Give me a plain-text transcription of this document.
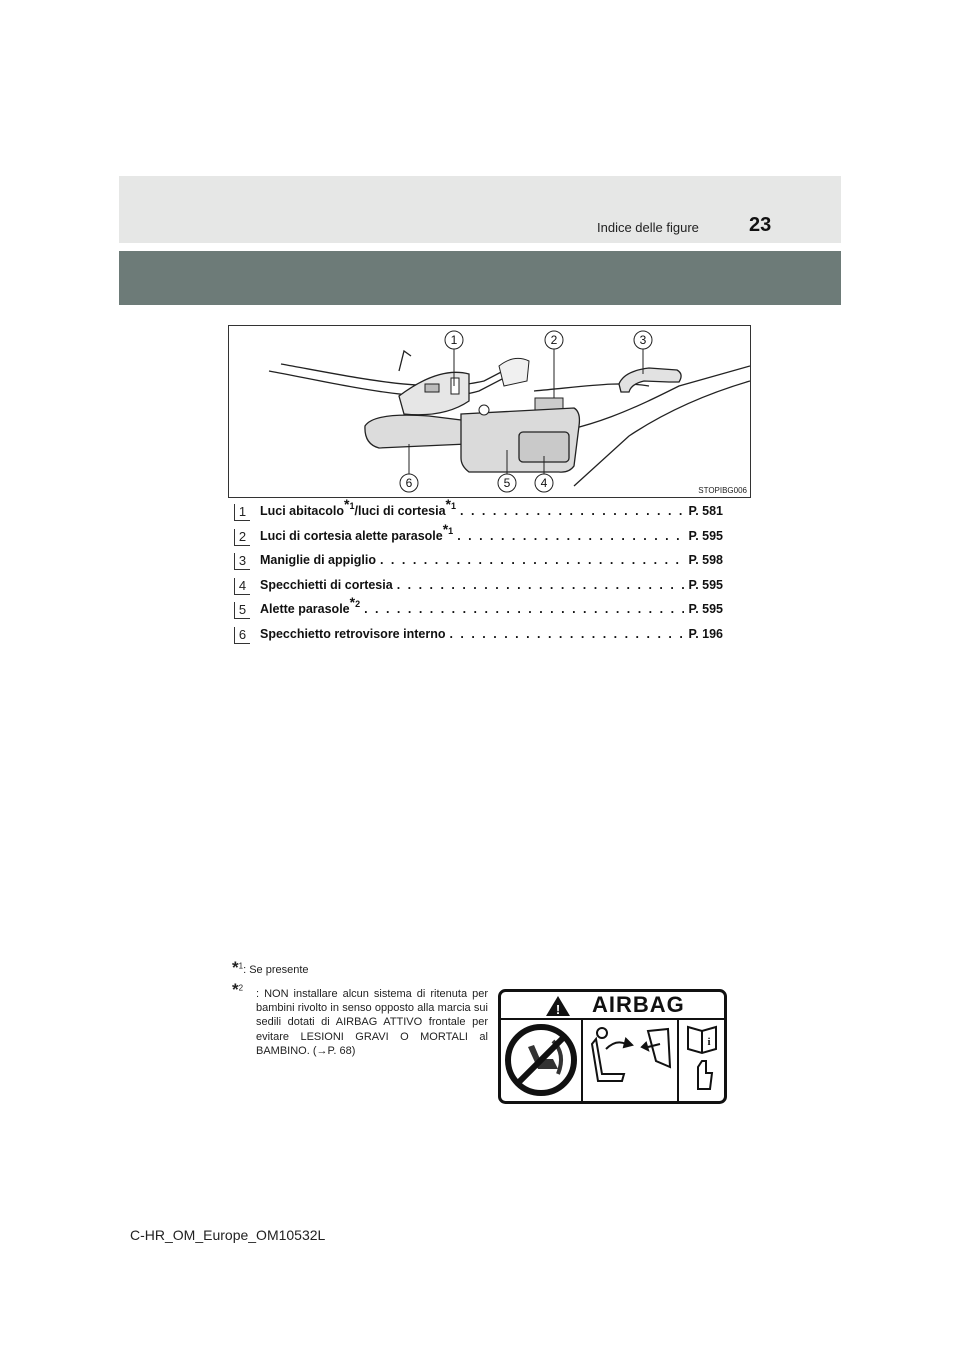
Indice delle figure	23
1	2	3
4
5
6
STOPIBG006
1	Luci abitacolo *1 /luci di cortesia *1 . . .	P. 581
2	Luci di cortesia alette parasole *1 . . .	P. 595
3	Maniglie di appiglio . . .	P. 598
4	Specchietti di cortesia . . .	P. 595
5	Alette parasole *2 . . .	P. 595
6	Specchietto retrovisore interno . . .	P. 196
*$^1$: Se presente
*$^2$
: NON installare alcun sistema di ritenuta per bambini rivolto in senso opposto alla marcia sui sedili dotati di AIRBAG ATTIVO frontale per evitare LESIONI GRAVI O MORTALI al BAMBINO. (→P. 68)
!
i
AIRBAG
C-HR_OM_Europe_OM10532L
